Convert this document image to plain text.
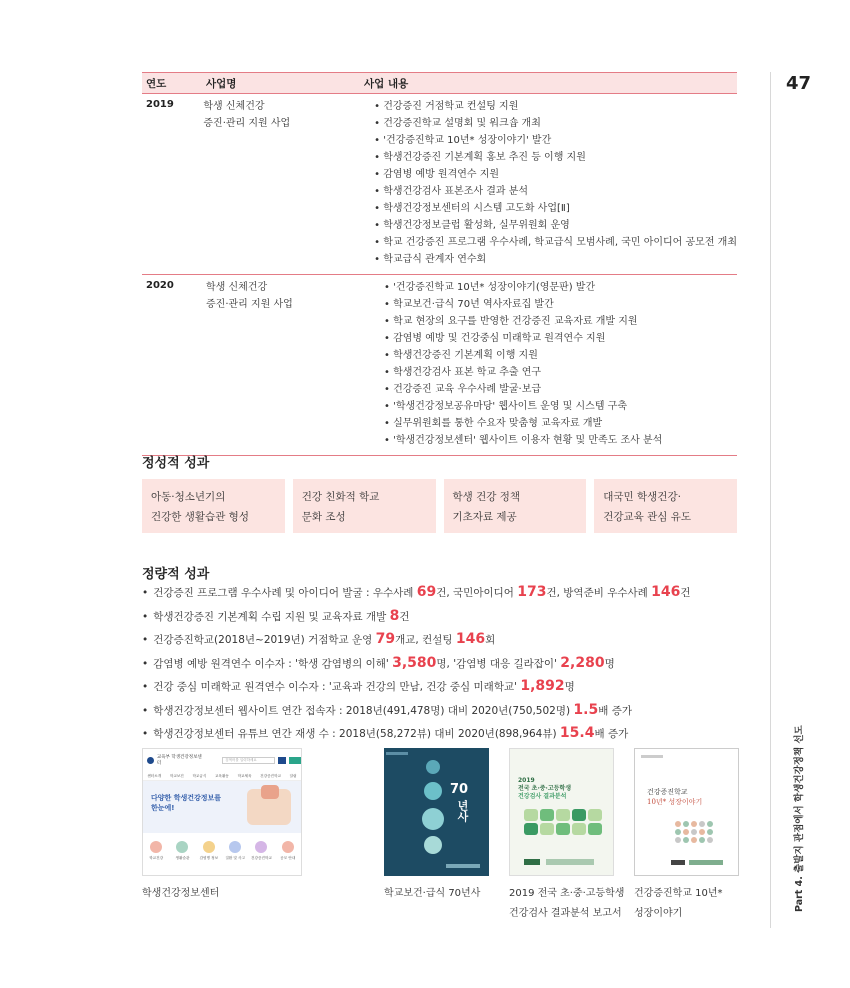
47
Part 4. 출발지 관점에서 학생건강정책 선도
연도	사업명	사업 내용
2019	학생 신체건강
증진·관리 지원 사업
• 건강증진 거점학교 컨설팅 지원
• 건강증진학교 설명회 및 워크숍 개최
• '건강증진학교 10년* 성장이야기' 발간
• 학생건강증진 기본계획 홍보 추진 등 이행 지원
• 감염병 예방 원격연수 지원
• 학생건강검사 표본조사 결과 분석
• 학생건강정보센터의 시스템 고도화 사업[Ⅱ]
• 학생건강정보클럽 활성화, 실무위원회 운영
• 학교 건강증진 프로그램 우수사례, 학교급식 모범사례, 국민 아이디어 공모전 개최
• 학교급식 관계자 연수회
2020	학생 신체건강
증진·관리 지원 사업
• '건강증진학교 10년* 성장이야기(영문판) 발간
• 학교보건·급식 70년 역사자료집 발간
• 학교 현장의 요구를 반영한 건강증진 교육자료 개발 지원
• 감염병 예방 및 건강중심 미래학교 원격연수 지원
• 학생건강증진 기본계획 이행 지원
• 학생건강검사 표본 학교 추출 연구
• 건강증진 교육 우수사례 발굴·보급
• '학생건강정보공유마당' 웹사이트 운영 및 시스템 구축
• 실무위원회를 통한 수요자 맞춤형 교육자료 개발
• '학생건강정보센터' 웹사이트 이용자 현황 및 만족도 조사 분석
정성적 성과
아동·청소년기의
건강한 생활습관 형성
건강 친화적 학교
문화 조성
학생 건강 정책
기초자료 제공
대국민 학생건강·
건강교육 관심 유도
정량적 성과
• 건강증진 프로그램 우수사례 및 아이디어 발굴 : 우수사례 69 건, 국민아이디어 173 건, 방역준비 우수사례 146 건
• 학생건강증진 기본계획 수립 지원 및 교육자료 개발 8 건
• 건강증진학교(2018년~2019년) 거점학교 운영 79 개교, 컨설팅 146 회
• 감염병 예방 원격연수 이수자 : '학생 감염병의 이해' 3,580 명, '감염병 대응 길라잡이' 2,280 명
• 건강 중심 미래학교 원격연수 이수자 : '교육과 건강의 만남, 건강 중심 미래학교' 1,892 명
• 학생건강정보센터 웹사이트 연간 접속자 : 2018년(491,478명) 대비 2020년(750,502명) 1.5 배 증가
• 학생건강정보센터 유튜브 연간 재생 수 : 2018년(58,272뷰) 대비 2020년(898,964뷰) 15.4 배 증가
교육부 학생건강정보센터
검색어를 입력하세요
센터소개 학교보건 학교급식 교육활동 학교체육 건강증진학교 알림
다양한 학생건강정보를
한눈에!
학교건강	생활습관	감염병 정보 질환 및 사고 건강증진학교 공모 안내
학생건강정보센터
70
년사
학교보건·급식 70년사
2019
전국 초·중·고등학생
건강검사 결과분석
2019 전국 초·중·고등학생
건강검사 결과분석 보고서
건강증진학교
10년* 성장이야기
건강증진학교 10년*
성장이야기
